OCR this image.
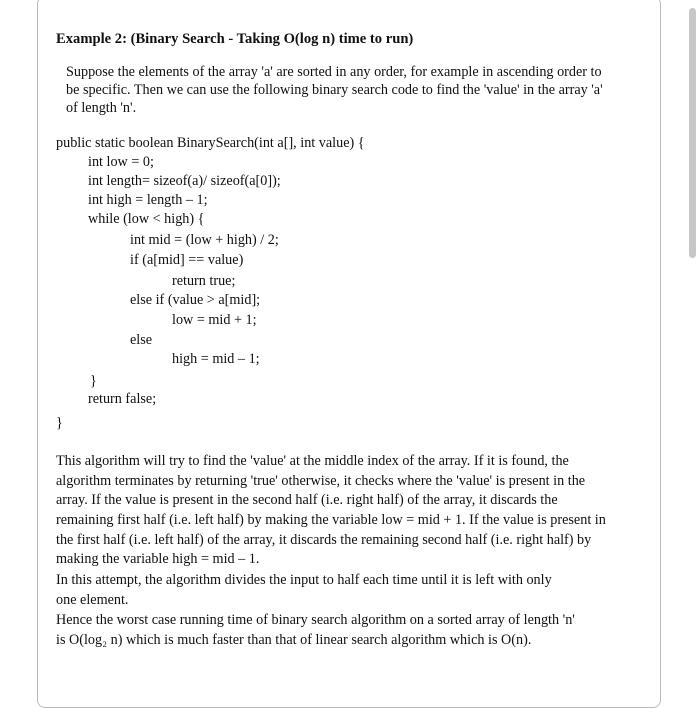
Example 2: (Binary Search - Taking O(log n) time to run)
Suppose the elements of the array 'a' are sorted in any order, for example in ascending order to
be specific. Then we can use the following binary search code to find the 'value' in the array 'a'
of length 'n'.
public static boolean BinarySearch(int a[], int value) {
int low = 0;
int length= sizeof(a)/ sizeof(a[0]);
int high = length – 1;
while (low < high) {
int mid = (low + high) / 2;
if (a[mid] == value)
return true;
else if (value > a[mid];
low = mid + 1;
else
high = mid – 1;
}
return false;
}
This algorithm will try to find the 'value' at the middle index of the array. If it is found, the
algorithm terminates by returning 'true' otherwise, it checks where the 'value' is present in the
array. If the value is present in the second half (i.e. right half) of the array, it discards the
remaining first half (i.e. left half) by making the variable low = mid + 1. If the value is present in
the first half (i.e. left half) of the array, it discards the remaining second half (i.e. right half) by
making the variable high = mid – 1.
In this attempt, the algorithm divides the input to half each time until it is left with only
one element.
Hence the worst case running time of binary search algorithm on a sorted array of length 'n'
is O(log₂ n) which is much faster than that of linear search algorithm which is O(n).
